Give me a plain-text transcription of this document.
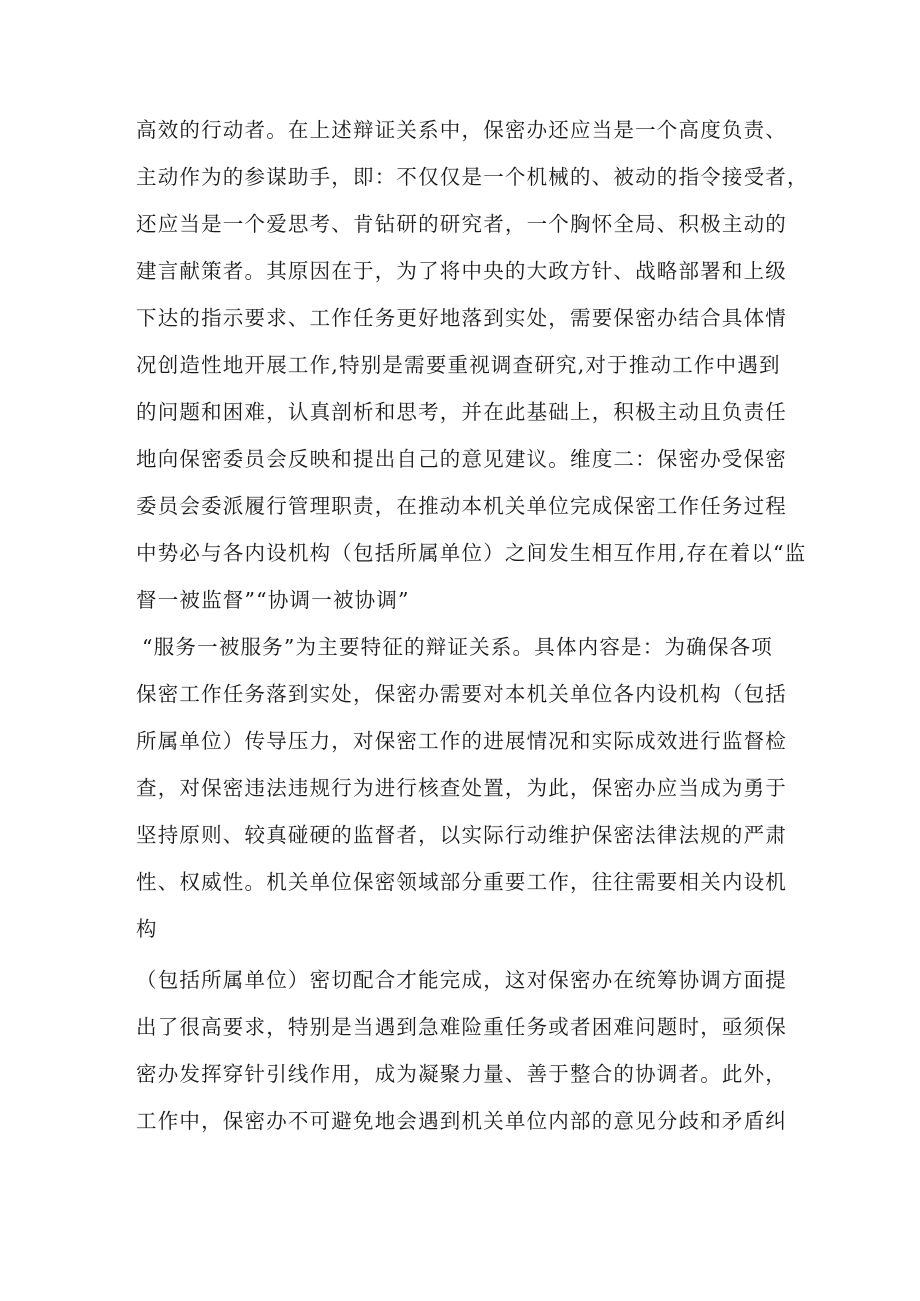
高效的行动者。在上述辩证关系中，保密办还应当是一个高度负责、
主动作为的参谋助手，即：不仅仅是一个机械的、被动的指令接受者，
还应当是一个爱思考、肯钻研的研究者，一个胸怀全局、积极主动的
建言献策者。其原因在于，为了将中央的大政方针、战略部署和上级
下达的指示要求、工作任务更好地落到实处，需要保密办结合具体情
况创造性地开展工作,特别是需要重视调查研究,对于推动工作中遇到
的问题和困难，认真剖析和思考，并在此基础上，积极主动且负责任
地向保密委员会反映和提出自己的意见建议。维度二：保密办受保密
委员会委派履行管理职责，在推动本机关单位完成保密工作任务过程
中势必与各内设机构（包括所属单位）之间发生相互作用,存在着以“监
督一被监督”“协调一被协调”
“服务一被服务”为主要特征的辩证关系。具体内容是：为确保各项
保密工作任务落到实处，保密办需要对本机关单位各内设机构（包括
所属单位）传导压力，对保密工作的进展情况和实际成效进行监督检
查，对保密违法违规行为进行核查处置，为此，保密办应当成为勇于
坚持原则、较真碰硬的监督者，以实际行动维护保密法律法规的严肃
性、权威性。机关单位保密领域部分重要工作，往往需要相关内设机
构
（包括所属单位）密切配合才能完成，这对保密办在统筹协调方面提
出了很高要求，特别是当遇到急难险重任务或者困难问题时，亟须保
密办发挥穿针引线作用，成为凝聚力量、善于整合的协调者。此外，
工作中，保密办不可避免地会遇到机关单位内部的意见分歧和矛盾纠
